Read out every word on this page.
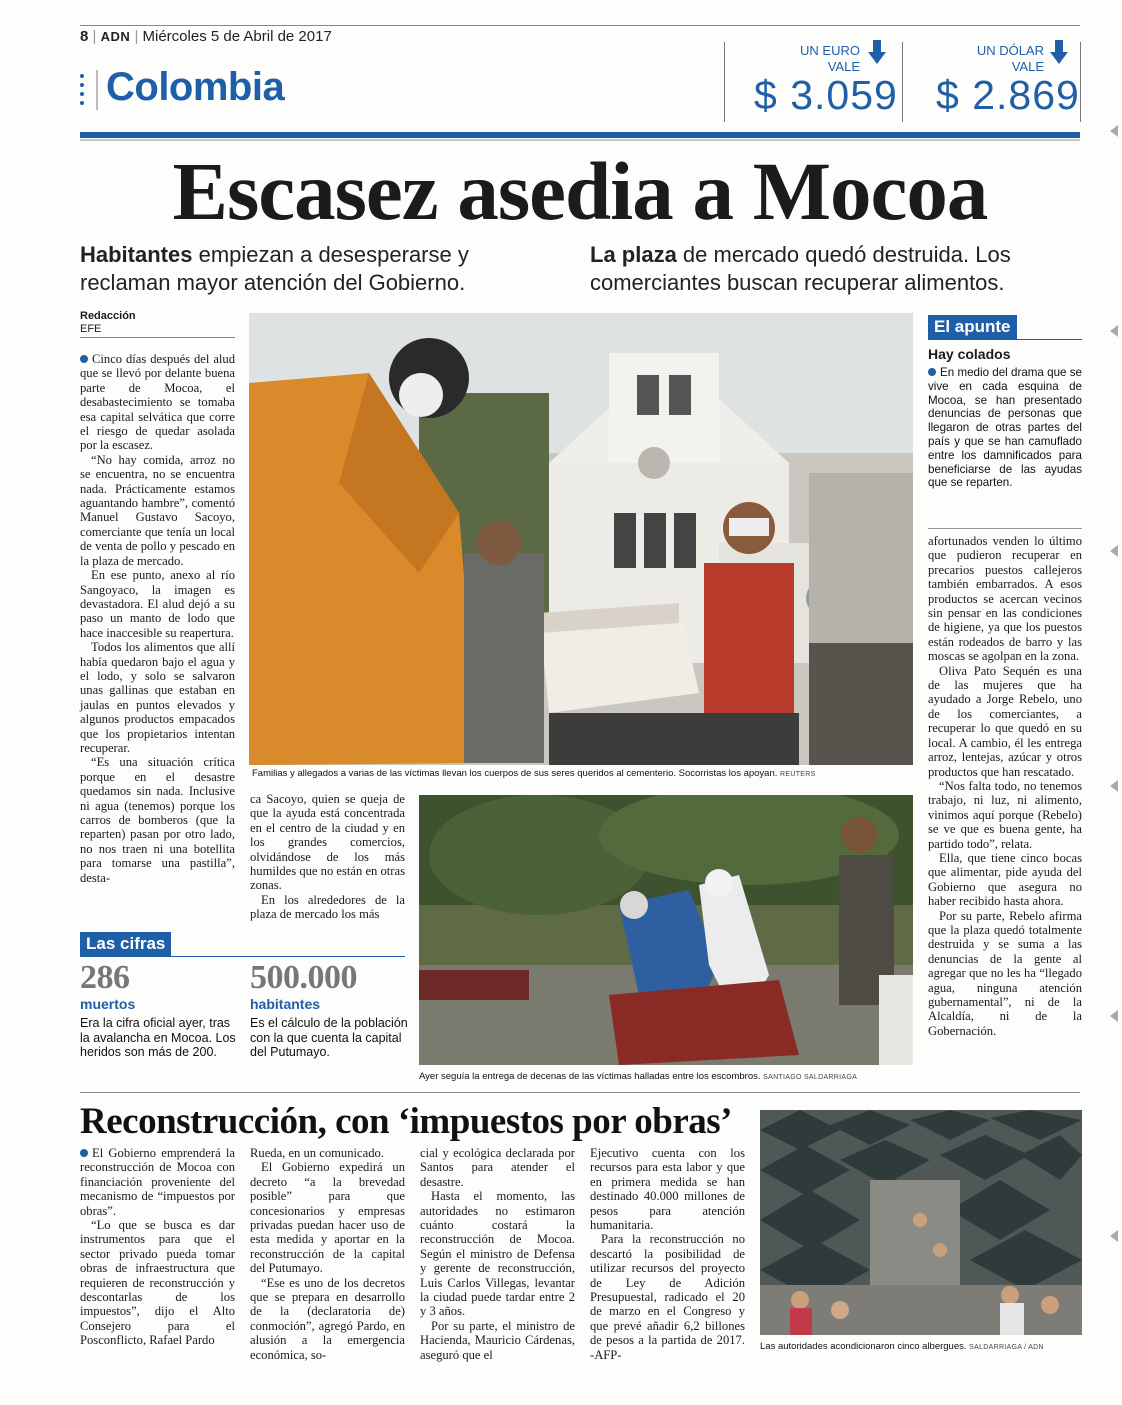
8 | ADN | Miércoles 5 de Abril de 2017
Colombia
UN EURO
VALE
$ 3.059
UN DÓLAR
VALE
$ 2.869
Escasez asedia a Mocoa
Habitantes empiezan a desesperarse y reclaman mayor atención del Gobierno.
La plaza de mercado quedó destruida. Los comerciantes buscan recuperar alimentos.
Redacción
EFE

Cinco días después del alud que se llevó por delante buena parte de Mocoa, el desabastecimiento se tomaba esa capital selvática que corre el riesgo de quedar asolada por la escasez.

“No hay comida, arroz no se encuentra, no se encuentra nada. Prácticamente estamos aguantando hambre”, comentó Manuel Gustavo Sacoyo, comerciante que tenía un local de venta de pollo y pescado en la plaza de mercado.

En ese punto, anexo al río Sangoyaco, la imagen es devastadora. El alud dejó a su paso un manto de lodo que hace inaccesible su reapertura.

Todos los alimentos que allí había quedaron bajo el agua y el lodo, y solo se salvaron unas gallinas que estaban en jaulas en puntos elevados y algunos productos empacados que los propietarios intentan recuperar.

“Es una situación crítica porque en el desastre quedamos sin nada. Inclusive ni agua (tenemos) porque los carros de bomberos (que la reparten) pasan por otro lado, no nos traen ni una botellita para tomarse una pastilla”, desta-

Familias y allegados a varias de las víctimas llevan los cuerpos de sus seres queridos al cementerio. Socorristas los apoyan. REUTERS

ca Sacoyo, quien se queja de que la ayuda está concentrada en el centro de la ciudad y en los grandes comercios, olvidándose de los más humildes que no están en otras zonas.

En los alrededores de la plaza de mercado los más

Ayer seguía la entrega de decenas de las víctimas halladas entre los escombros. SANTIAGO SALDARRIAGA
Las cifras
286
muertos
Era la cifra oficial ayer, tras la avalancha en Mocoa. Los heridos son más de 200.
500.000
habitantes
Es el cálculo de la población con la que cuenta la capital del Putumayo.
El apunte
Hay colados
En medio del drama que se vive en cada esquina de Mocoa, se han presentado denuncias de personas que llegaron de otras partes del país y que se han camuflado entre los damnificados para beneficiarse de las ayudas que se reparten.

afortunados venden lo último que pudieron recuperar en precarios puestos callejeros también embarrados. A esos productos se acercan vecinos sin pensar en las condiciones de higiene, ya que los puestos están rodeados de barro y las moscas se agolpan en la zona.

Oliva Pato Sequén es una de las mujeres que ha ayudado a Jorge Rebelo, uno de los comerciantes, a recuperar lo que quedó en su local. A cambio, él les entrega arroz, lentejas, azúcar y otros productos que han rescatado.

“Nos falta todo, no tenemos trabajo, ni luz, ni alimento, vinimos aquí porque (Rebelo) se ve que es buena gente, ha partido todo”, relata.

Ella, que tiene cinco bocas que alimentar, pide ayuda del Gobierno que asegura no haber recibido hasta ahora.

Por su parte, Rebelo afirma que la plaza quedó totalmente destruida y se suma a las denuncias de la gente al agregar que no les ha “llegado agua, ninguna atención gubernamental”, ni de la Alcaldía, ni de la Gobernación.

Reconstrucción, con ‘impuestos por obras’

El Gobierno emprenderá la reconstrucción de Mocoa con financiación proveniente del mecanismo de “impuestos por obras”.

“Lo que se busca es dar instrumentos para que el sector privado pueda tomar obras de infraestructura que requieren de reconstrucción y descontarlas de los impuestos”, dijo el Alto Consejero para el Posconflicto, Rafael Pardo

Rueda, en un comunicado.

El Gobierno expedirá un decreto “a la brevedad posible” para que concesionarios y empresas privadas puedan hacer uso de esta medida y aportar en la reconstrucción de la capital del Putumayo.

“Ese es uno de los decretos que se prepara en desarrollo de la (declaratoria de) conmoción”, agregó Pardo, en alusión a la emergencia económica, so-

cial y ecológica declarada por Santos para atender el desastre.

Hasta el momento, las autoridades no estimaron cuánto costará la reconstrucción de Mocoa. Según el ministro de Defensa y gerente de reconstrucción, Luis Carlos Villegas, levantar la ciudad puede tardar entre 2 y 3 años.

Por su parte, el ministro de Hacienda, Mauricio Cárdenas, aseguró que el

Ejecutivo cuenta con los recursos para esta labor y que en primera medida se han destinado 40.000 millones de pesos para atención humanitaria.

Para la reconstrucción no descartó la posibilidad de utilizar recursos del proyecto de Ley de Adición Presupuestal, radicado el 20 de marzo en el Congreso y que prevé añadir 6,2 billones de pesos a la partida de 2017. -AFP-

Las autoridades acondicionaron cinco albergues. SALDARRIAGA / ADN
